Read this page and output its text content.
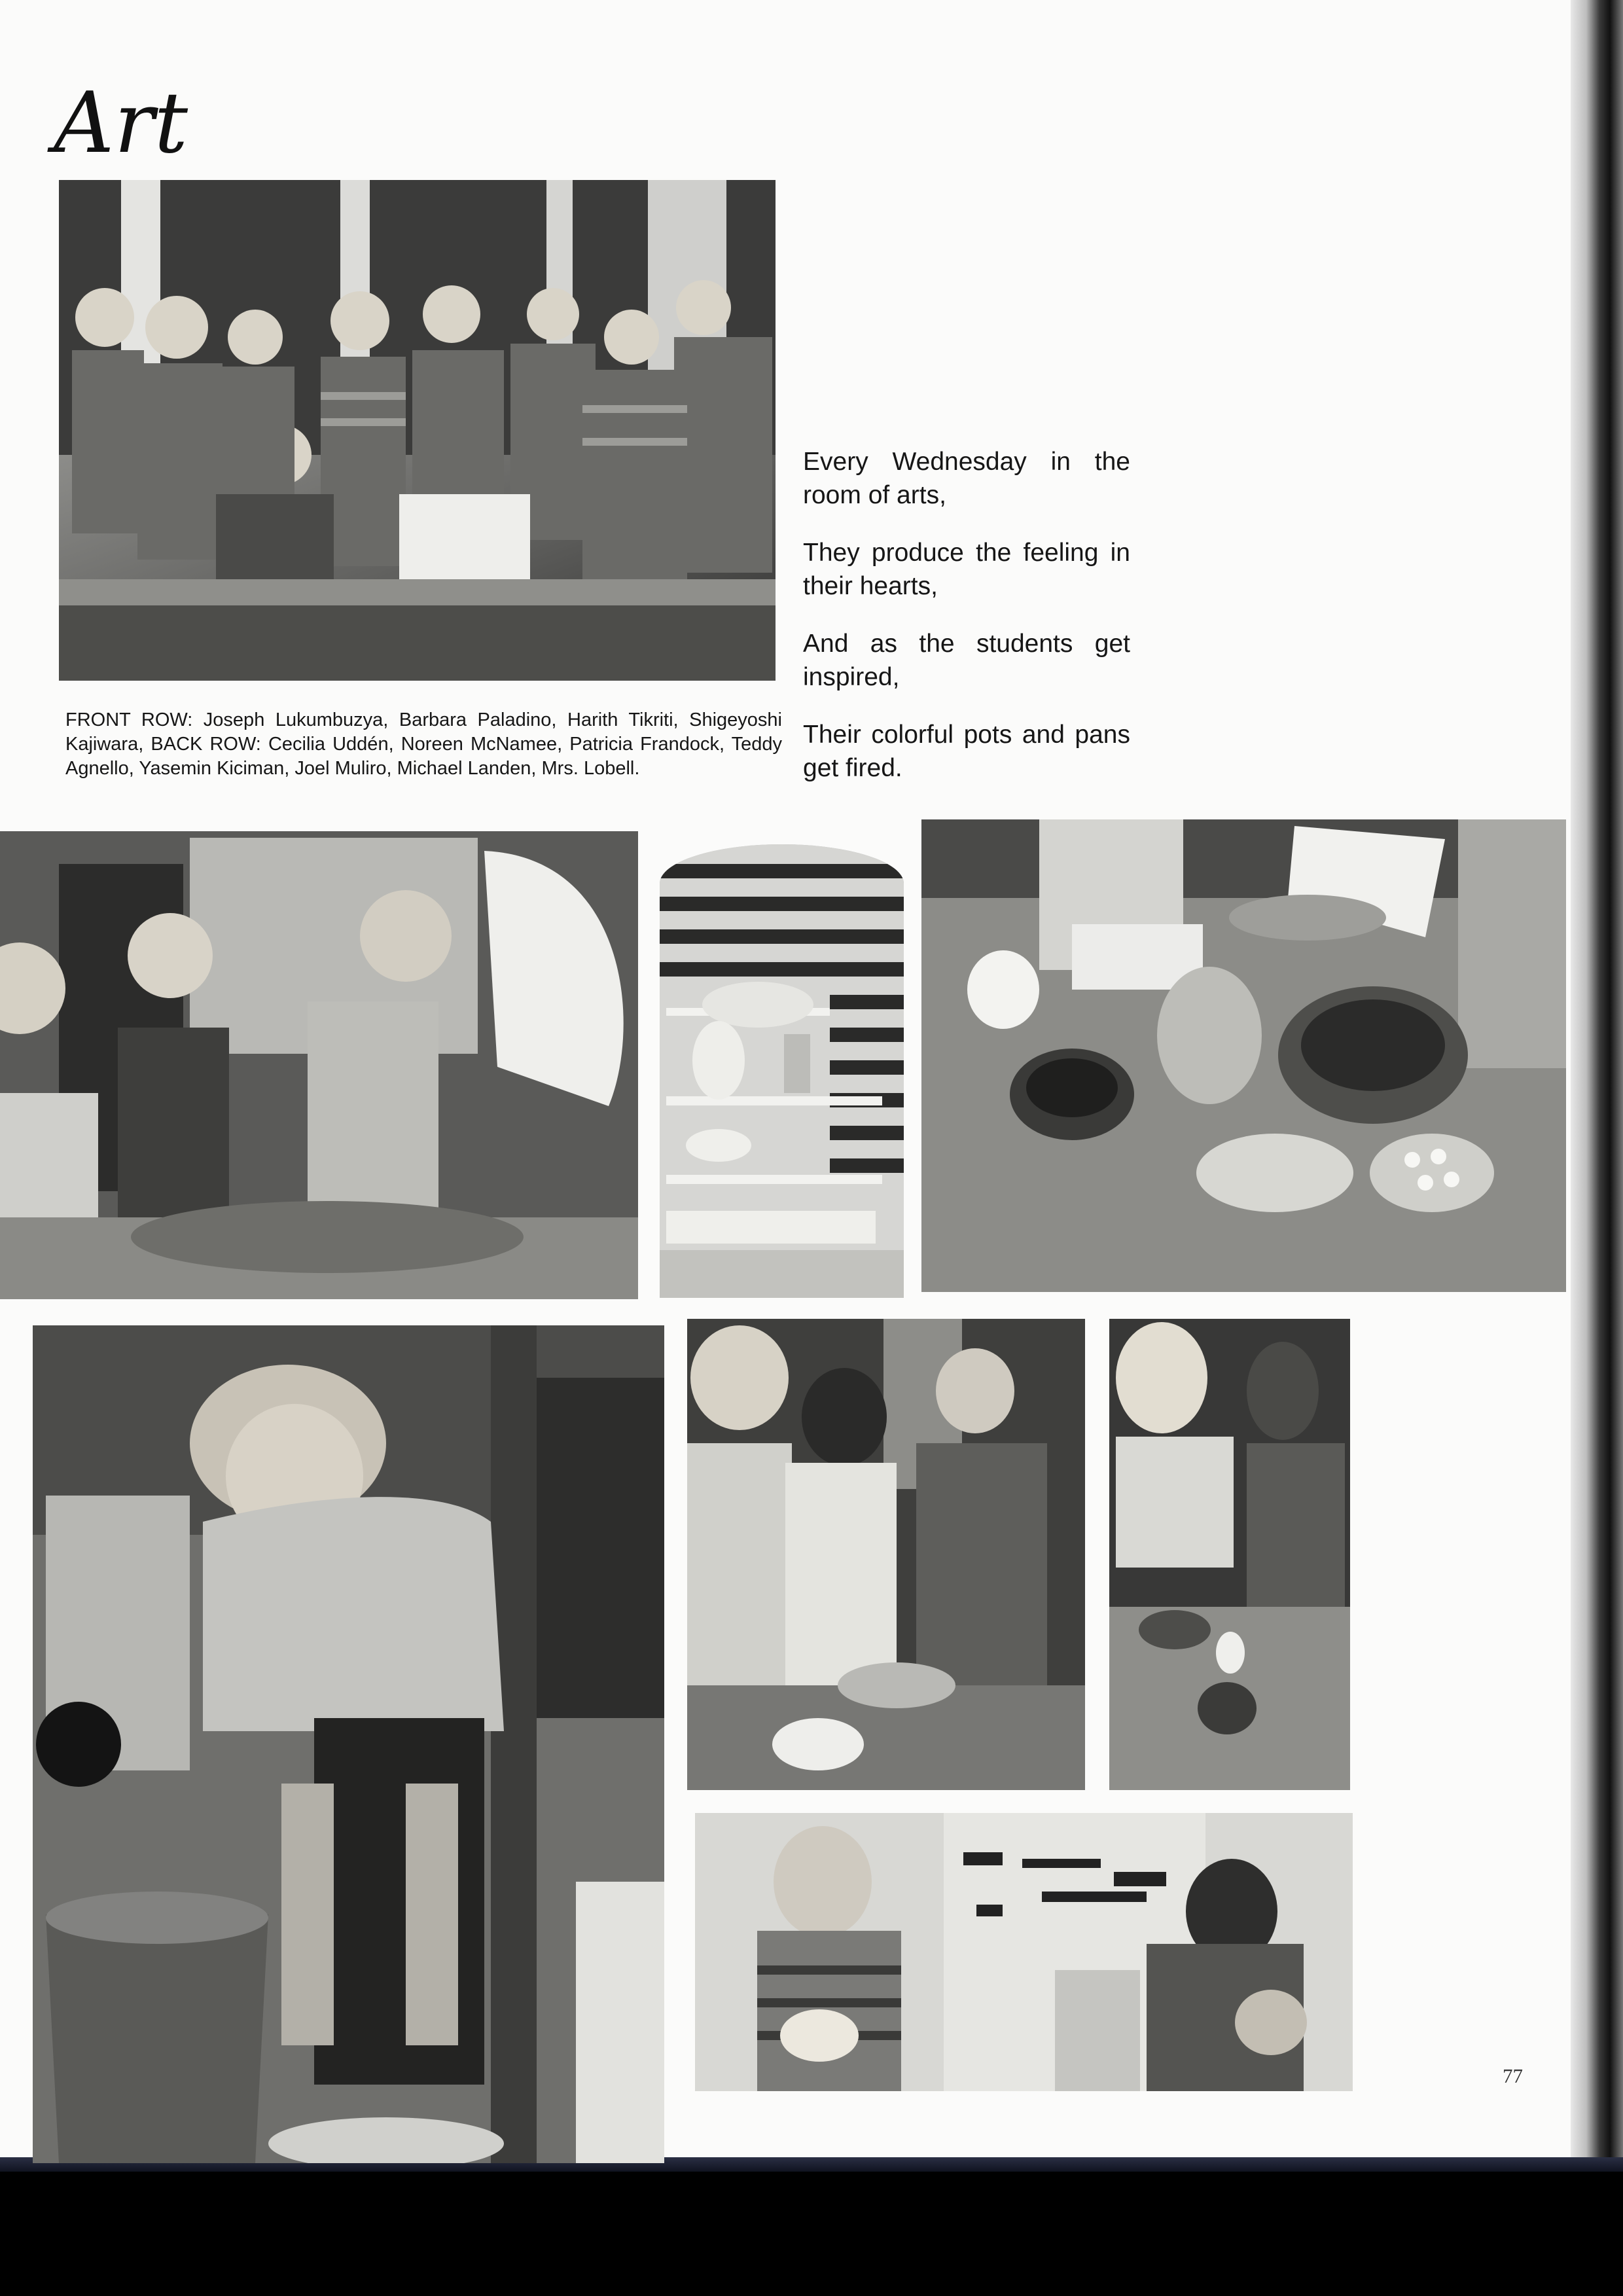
Art

FRONT ROW: Joseph Lukumbuzya, Barbara Paladino, Harith Tikriti, Shigeyoshi Kajiwara, BACK ROW: Cecilia Uddén, Noreen McNamee, Patricia Frandock, Teddy Agnello, Yasemin Kiciman, Joel Muliro, Michael Landen, Mrs. Lobell.

Every Wednesday in the room of arts,

They produce the feeling in their hearts,

And as the students get inspired,

Their colorful pots and pans get fired.

77
